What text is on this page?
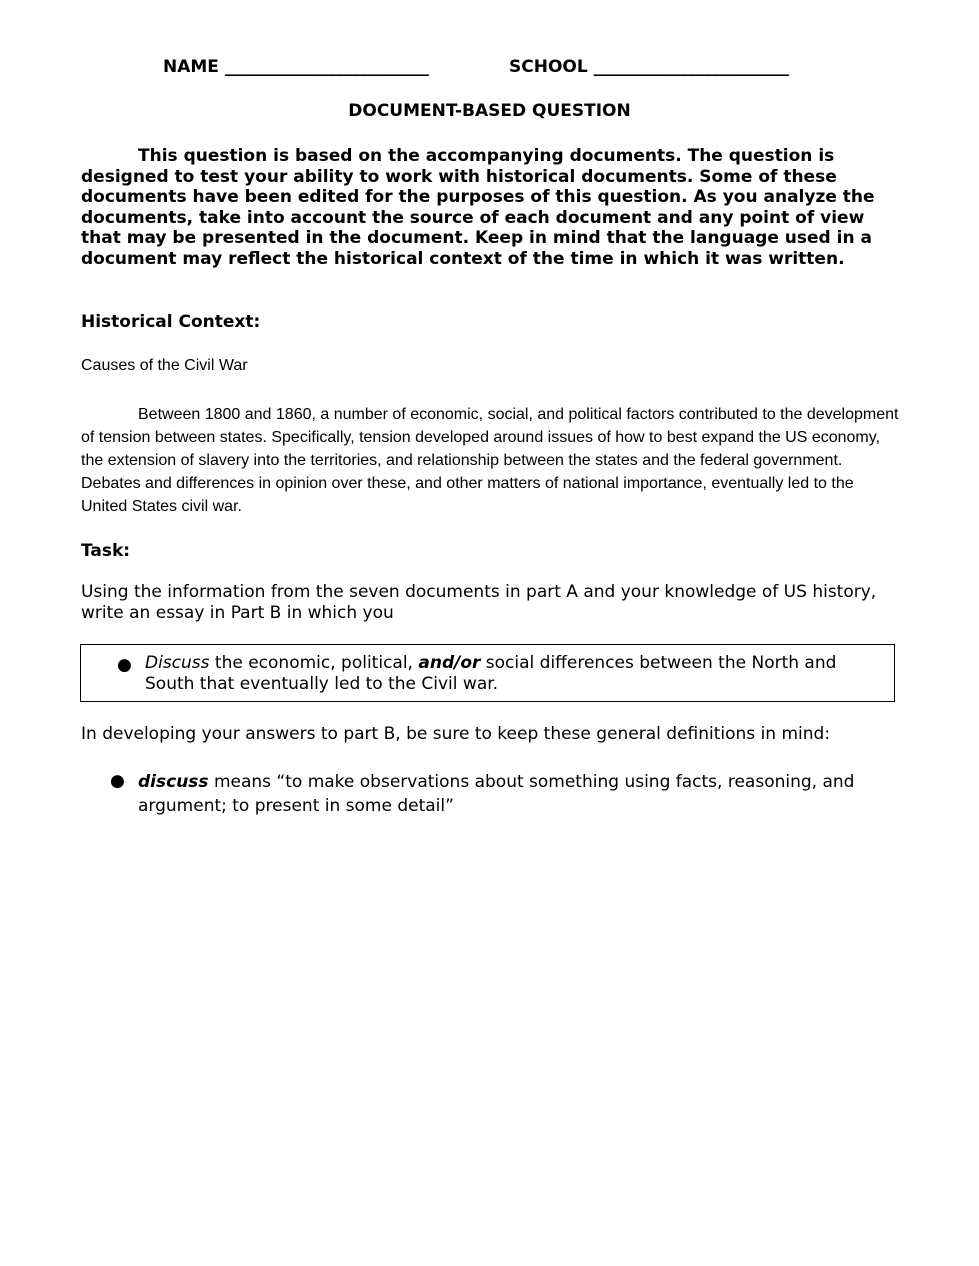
NAME ________________________	SCHOOL _______________________
DOCUMENT-BASED QUESTION

This question is based on the accompanying documents. The question is designed to test your ability to work with historical documents. Some of these documents have been edited for the purposes of this question. As you analyze the documents, take into account the source of each document and any point of view that may be presented in the document. Keep in mind that the language used in a document may reflect the historical context of the time in which it was written.

Historical Context:
Causes of the Civil War

Between 1800 and 1860, a number of economic, social, and political factors contributed to the development of tension between states. Specifically, tension developed around issues of how to best expand the US economy, the extension of slavery into the territories, and relationship between the states and the federal government. Debates and differences in opinion over these, and other matters of national importance, eventually led to the United States civil war.

Task:

Using the information from the seven documents in part A and your knowledge of US history, write an essay in Part B in which you

● Discuss the economic, political, and/or social differences between the North and South that eventually led to the Civil war.

In developing your answers to part B, be sure to keep these general definitions in mind:
● discuss means “to make observations about something using facts, reasoning, and argument; to present in some detail”
